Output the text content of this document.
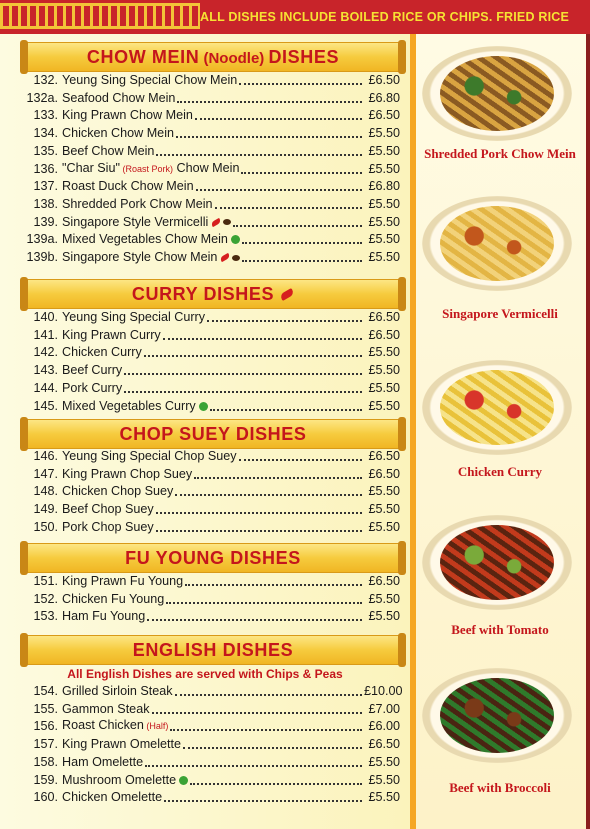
ALL DISHES INCLUDE BOILED RICE OR CHIPS. FRIED RICE
CHOW MEIN (Noodle) DISHES
132. Yeung Sing Special Chow Mein	£6.50
132a. Seafood Chow Mein	£6.80
133. King Prawn Chow Mein	£6.50
134. Chicken Chow Mein	£5.50
135. Beef Chow Mein	£5.50
136. "Char Siu" (Roast Pork) Chow Mein	£5.50
137. Roast Duck Chow Mein	£6.80
138. Shredded Pork Chow Mein	£5.50
139. Singapore Style Vermicelli	£5.50
139a. Mixed Vegetables Chow Mein	£5.50
139b. Singapore Style Chow Mein	£5.50
CURRY DISHES
140. Yeung Sing Special Curry	£6.50
141. King Prawn Curry	£6.50
142. Chicken Curry	£5.50
143. Beef Curry	£5.50
144. Pork Curry	£5.50
145. Mixed Vegetables Curry	£5.50
CHOP SUEY DISHES
146. Yeung Sing Special Chop Suey	£6.50
147. King Prawn Chop Suey	£6.50
148. Chicken Chop Suey	£5.50
149. Beef Chop Suey	£5.50
150. Pork Chop Suey	£5.50
FU YOUNG DISHES
151. King Prawn Fu Young	£6.50
152. Chicken Fu Young	£5.50
153. Ham Fu Young	£5.50
ENGLISH DISHES
All English Dishes are served with Chips & Peas
154. Grilled Sirloin Steak	£10.00
155. Gammon Steak	£7.00
156. Roast Chicken (Half)	£6.00
157. King Prawn Omelette	£6.50
158. Ham Omelette	£5.50
159. Mushroom Omelette	£5.50
160. Chicken Omelette	£5.50
Shredded Pork Chow Mein
Singapore Vermicelli
Chicken Curry
Beef with Tomato
Beef with Broccoli
